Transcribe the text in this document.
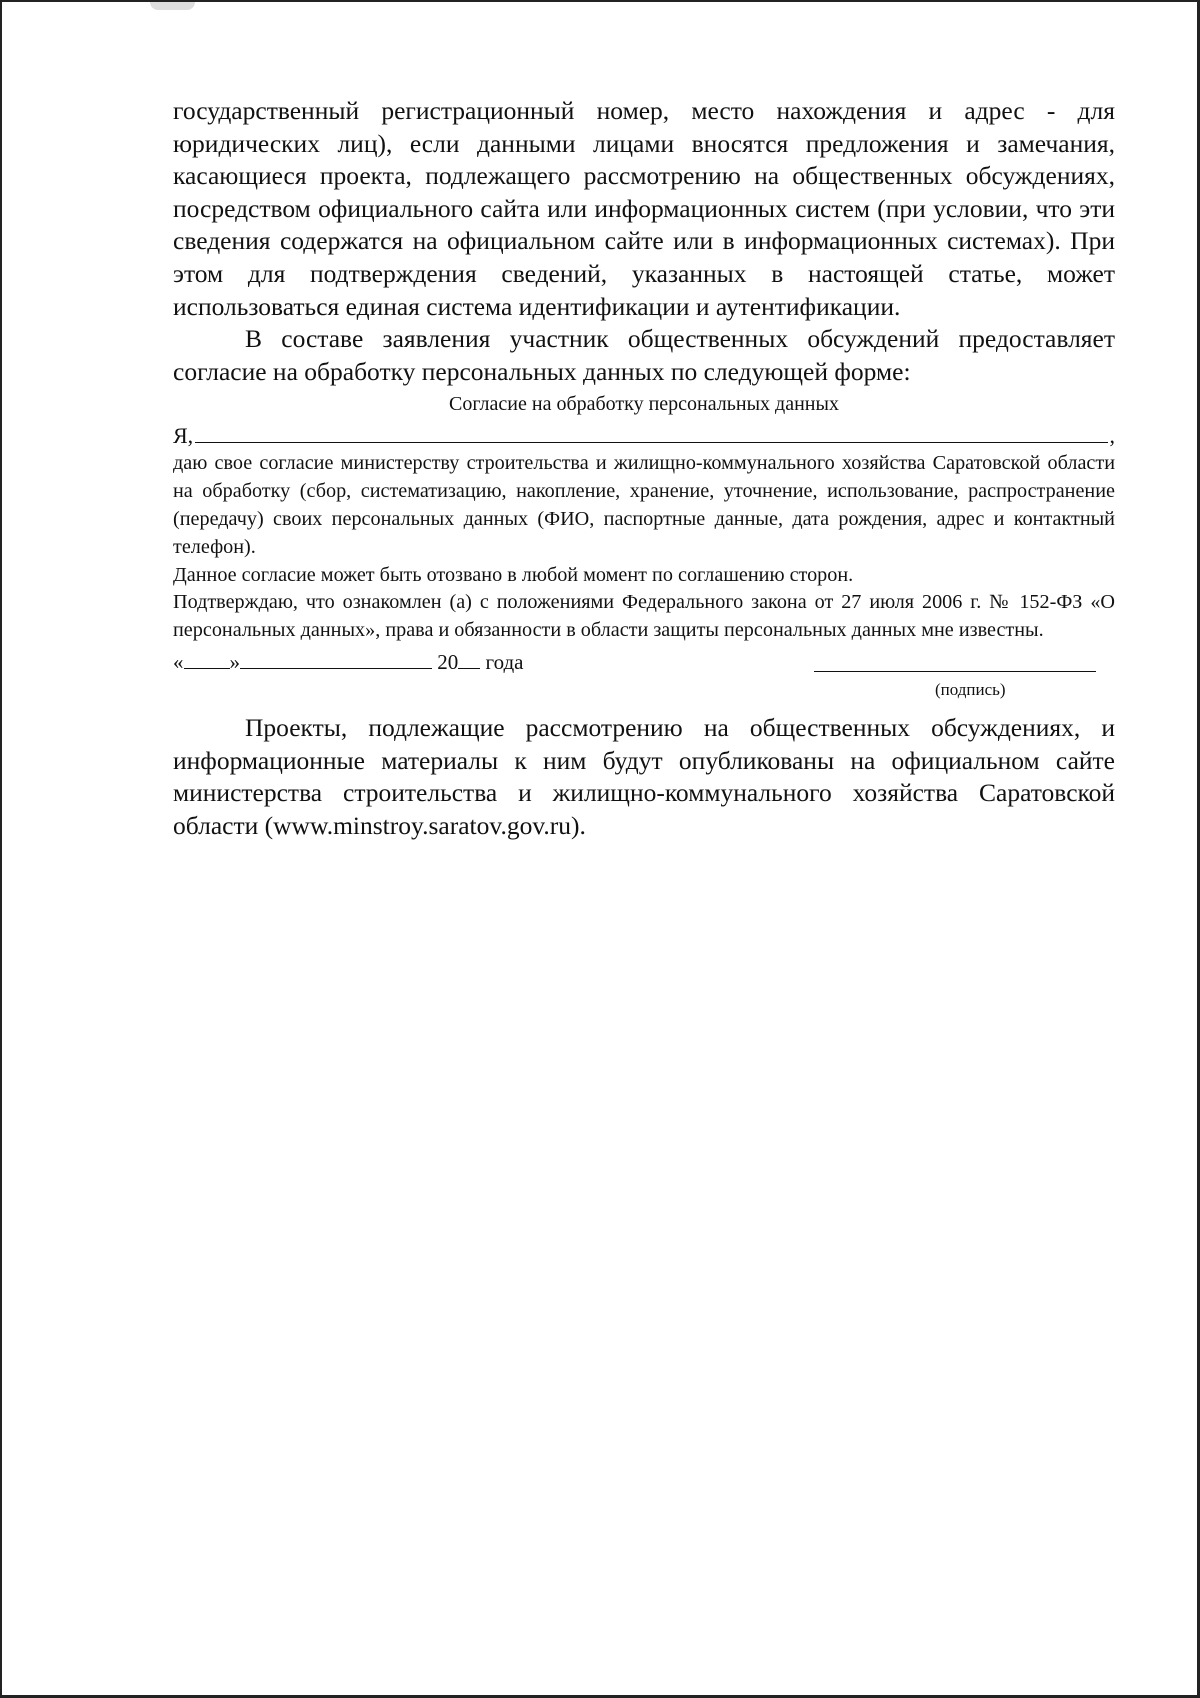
государственный регистрационный номер, место нахождения и адрес - для юридических лиц), если данными лицами вносятся предложения и замечания, касающиеся проекта, подлежащего рассмотрению на общественных обсуждениях, посредством официального сайта или информационных систем (при условии, что эти сведения содержатся на официальном сайте или в информационных системах). При этом для подтверждения сведений, указанных в настоящей статье, может использоваться единая система идентификации и аутентификации.

В составе заявления участник общественных обсуждений предоставляет согласие на обработку персональных данных по следующей форме:

Согласие на обработку персональных данных

Я,	,

даю свое согласие министерству строительства и жилищно-коммунального хозяйства Саратовской области на обработку (сбор, систематизацию, накопление, хранение, уточнение, использование, распространение (передачу) своих персональных данных (ФИО, паспортные данные, дата рождения, адрес и контактный телефон).

Данное согласие может быть отозвано в любой момент по соглашению сторон.

Подтверждаю, что ознакомлен (а) с положениями Федерального закона от 27 июля 2006 г. № 152-ФЗ «О персональных данных», права и обязанности в области защиты персональных данных мне известны.

« »	20 года

(подпись)

Проекты, подлежащие рассмотрению на общественных обсуждениях, и информационные материалы к ним будут опубликованы на официальном сайте министерства строительства и жилищно-коммунального хозяйства Саратовской области (www.minstroy.saratov.gov.ru).
